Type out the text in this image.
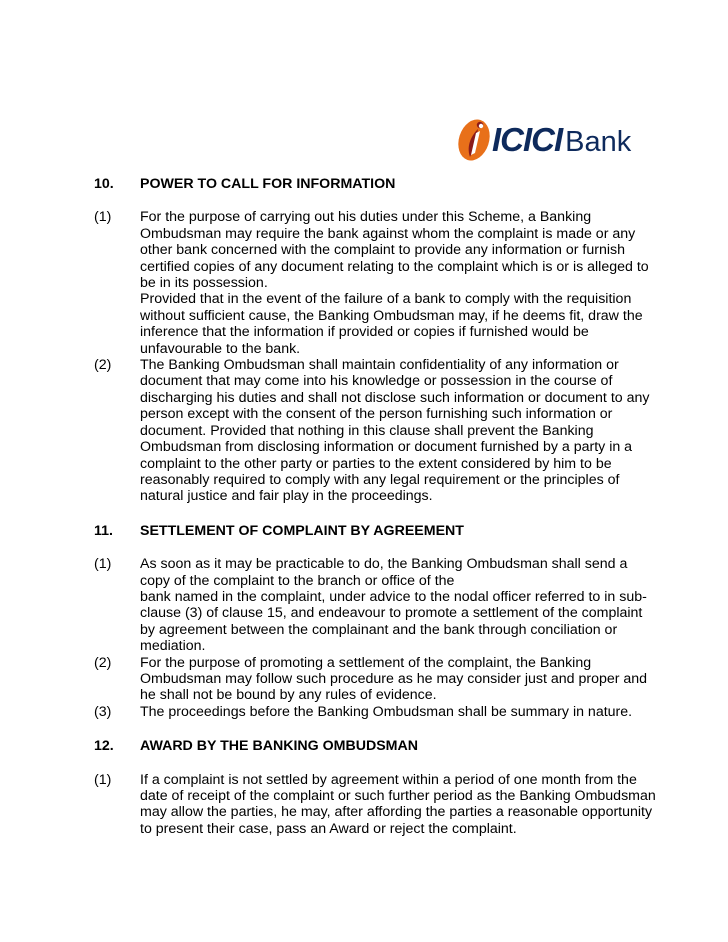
ICICI Bank
10.	POWER TO CALL FOR INFORMATION
(1)	For the purpose of carrying out his duties under this Scheme, a Banking
Ombudsman may require the bank against whom the complaint is made or any
other bank concerned with the complaint to provide any information or furnish
certified copies of any document relating to the complaint which is or is alleged to
be in its possession.
Provided that in the event of the failure of a bank to comply with the requisition
without sufficient cause, the Banking Ombudsman may, if he deems fit, draw the
inference that the information if provided or copies if furnished would be
unfavourable to the bank.
(2)	The Banking Ombudsman shall maintain confidentiality of any information or
document that may come into his knowledge or possession in the course of
discharging his duties and shall not disclose such information or document to any
person except with the consent of the person furnishing such information or
document. Provided that nothing in this clause shall prevent the Banking
Ombudsman from disclosing information or document furnished by a party in a
complaint to the other party or parties to the extent considered by him to be
reasonably required to comply with any legal requirement or the principles of
natural justice and fair play in the proceedings.
11.	SETTLEMENT OF COMPLAINT BY AGREEMENT
(1)	As soon as it may be practicable to do, the Banking Ombudsman shall send a
copy of the complaint to the branch or office of the
bank named in the complaint, under advice to the nodal officer referred to in sub-
clause (3) of clause 15, and endeavour to promote a settlement of the complaint
by agreement between the complainant and the bank through conciliation or
mediation.
(2)	For the purpose of promoting a settlement of the complaint, the Banking
Ombudsman may follow such procedure as he may consider just and proper and
he shall not be bound by any rules of evidence.
(3)	The proceedings before the Banking Ombudsman shall be summary in nature.
12.	AWARD BY THE BANKING OMBUDSMAN
(1)	If a complaint is not settled by agreement within a period of one month from the
date of receipt of the complaint or such further period as the Banking Ombudsman
may allow the parties, he may, after affording the parties a reasonable opportunity
to present their case, pass an Award or reject the complaint.
